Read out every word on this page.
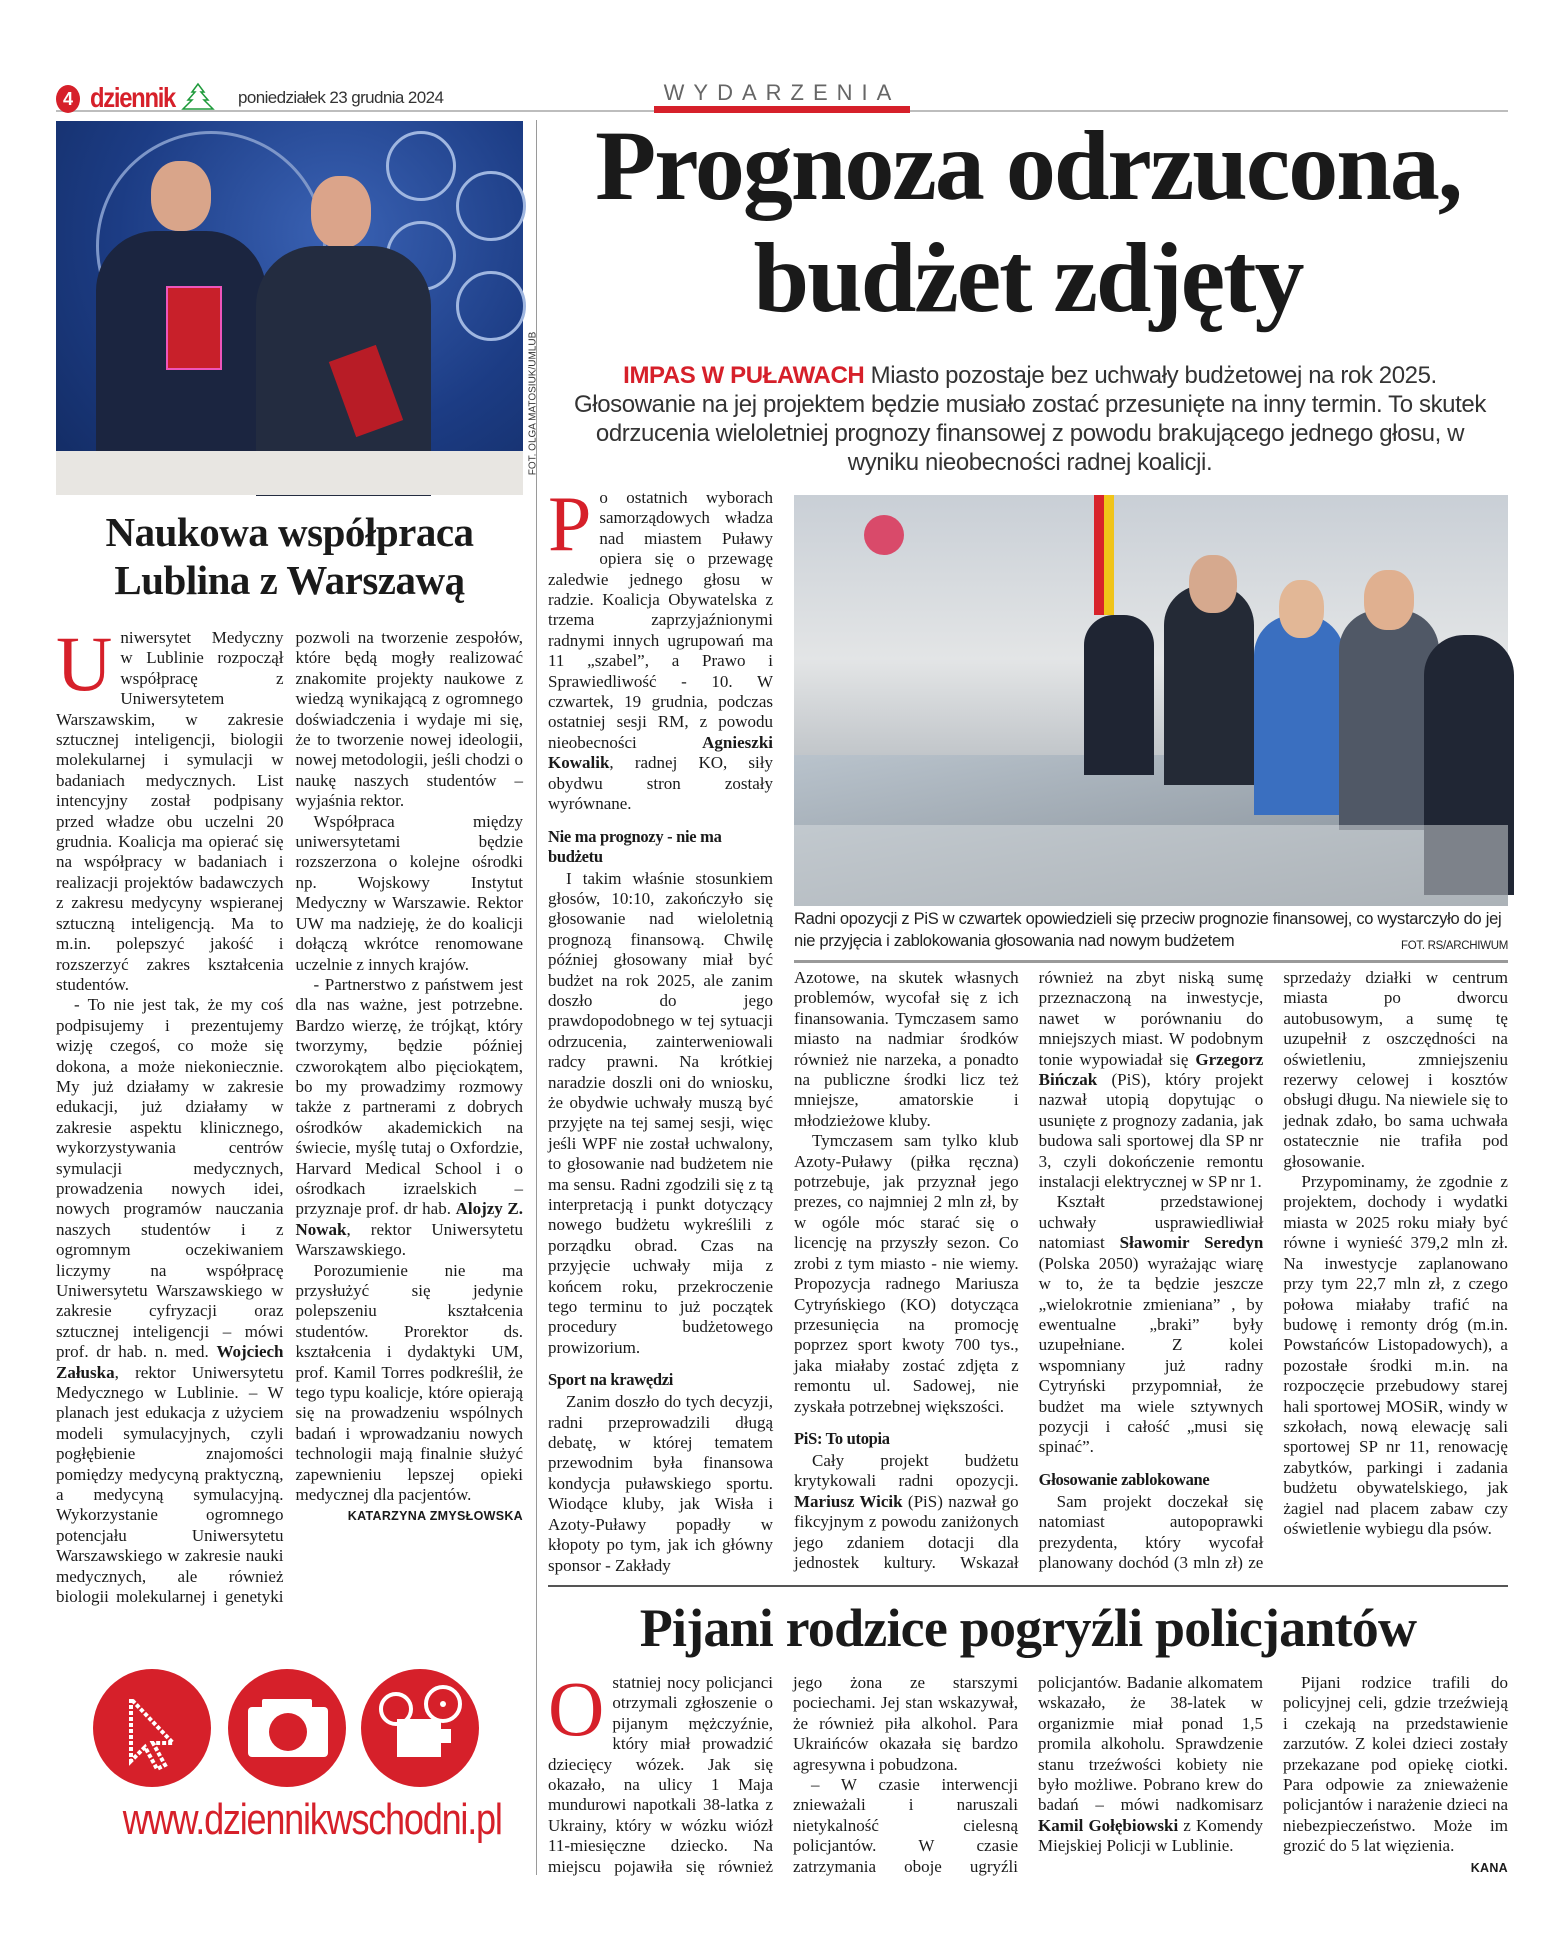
4 dziennik	poniedziałek 23 grudnia 2024	WYDARZENIA
FOT. OLGA MATOSIUK/UMLUB
Naukowa współpraca Lublina z Warszawą

Uniwersytet Medyczny w Lublinie rozpoczął współpracę z Uniwersytetem Warszawskim, w zakresie sztucznej inteligencji, biologii molekularnej i symulacji w badaniach medycznych. List intencyjny został podpisany przed władze obu uczelni 20 grudnia. Koalicja ma opierać się na współpracy w badaniach i realizacji projektów badawczych z zakresu medycyny wspieranej sztuczną inteligencją. Ma to m.in. polepszyć jakość i rozszerzyć zakres kształcenia studentów.

- To nie jest tak, że my coś podpisujemy i prezentujemy wizję czegoś, co może się dokona, a może niekoniecznie. My już działamy w zakresie edukacji, już działamy w zakresie aspektu klinicznego, wykorzystywania centrów symulacji medycznych, prowadzenia nowych idei, nowych programów nauczania naszych studentów i z ogromnym oczekiwaniem liczymy na współpracę Uniwersytetu Warszawskiego w zakresie cyfryzacji oraz sztucznej inteligencji – mówi prof. dr hab. n. med. Wojciech Załuska, rektor Uniwersytetu Medycznego w Lublinie. – W planach jest edukacja z użyciem modeli symulacyjnych, czyli pogłębienie znajomości pomiędzy medycyną praktyczną, a medycyną symulacyjną. Wykorzystanie ogromnego potencjału Uniwersytetu Warszawskiego w zakresie nauki medycznych, ale również biologii molekularnej i genetyki pozwoli na tworzenie zespołów, które będą mogły realizować znakomite projekty naukowe z wiedzą wynikającą z ogromnego doświadczenia i wydaje mi się, że to tworzenie nowej ideologii, nowej metodologii, jeśli chodzi o naukę naszych studentów – wyjaśnia rektor.

Współpraca między uniwersytetami będzie rozszerzona o kolejne ośrodki np. Wojskowy Instytut Medyczny w Warszawie. Rektor UW ma nadzieję, że do koalicji dołączą wkrótce renomowane uczelnie z innych krajów.

- Partnerstwo z państwem jest dla nas ważne, jest potrzebne. Bardzo wierzę, że trójkąt, który tworzymy, będzie później czworokątem albo pięciokątem, bo my prowadzimy rozmowy także z partnerami z dobrych ośrodków akademickich na świecie, myślę tutaj o Oxfordzie, Harvard Medical School i o ośrodkach izraelskich – przyznaje prof. dr hab. Alojzy Z. Nowak, rektor Uniwersytetu Warszawskiego.

Porozumienie nie ma przysłużyć się jedynie polepszeniu kształcenia studentów. Prorektor ds. kształcenia i dydaktyki UM, prof. Kamil Torres podkreślił, że tego typu koalicje, które opierają się na prowadzeniu wspólnych badań i wprowadzaniu nowych technologii mają finalnie służyć zapewnieniu lepszej opieki medycznej dla pacjentów.

KATARZYNA ZMYSŁOWSKA
Prognoza odrzucona,
budżet zdjęty
IMPAS W PUŁAWACH Miasto pozostaje bez uchwały budżetowej na rok 2025. Głosowanie na jej projektem będzie musiało zostać przesunięte na inny termin. To skutek odrzucenia wieloletniej prognozy finansowej z powodu brakującego jednego głosu, w wyniku nieobecności radnej koalicji.
Radni opozycji z PiS w czwartek opowiedzieli się przeciw prognozie finansowej, co wystarczyło do jej nie przyjęcia i zablokowania głosowania nad nowym budżetem	FOT. RS/ARCHIWUM

Po ostatnich wyborach samorządowych władza nad miastem Puławy opiera się o przewagę zaledwie jednego głosu w radzie. Koalicja Obywatelska z trzema zaprzyjaźnionymi radnymi innych ugrupowań ma 11 „szabel”, a Prawo i Sprawiedliwość - 10. W czwartek, 19 grudnia, podczas ostatniej sesji RM, z powodu nieobecności Agnieszki Kowalik, radnej KO, siły obydwu stron zostały wyrównane.

Nie ma prognozy - nie ma budżetu

I takim właśnie stosunkiem głosów, 10:10, zakończyło się głosowanie nad wieloletnią prognozą finansową. Chwilę później głosowany miał być budżet na rok 2025, ale zanim doszło do jego prawdopodobnego w tej sytuacji odrzucenia, zainterweniowali radcy prawni. Na krótkiej naradzie doszli oni do wniosku, że obydwie uchwały muszą być przyjęte na tej samej sesji, więc jeśli WPF nie został uchwalony, to głosowanie nad budżetem nie ma sensu. Radni zgodzili się z tą interpretacją i punkt dotyczący nowego budżetu wykreślili z porządku obrad. Czas na przyjęcie uchwały mija z końcem roku, przekroczenie tego terminu to już początek procedury budżetowego prowizorium.

Sport na krawędzi

Zanim doszło do tych decyzji, radni przeprowadzili długą debatę, w której tematem przewodnim była finansowa kondycja puławskiego sportu. Wiodące kluby, jak Wisła i Azoty-Puławy popadły w kłopoty po tym, jak ich główny sponsor - Zakłady

Azotowe, na skutek własnych problemów, wycofał się z ich finansowania. Tymczasem samo miasto na nadmiar środków również nie narzeka, a ponadto na publiczne środki licz też mniejsze, amatorskie i młodzieżowe kluby.

Tymczasem sam tylko klub Azoty-Puławy (piłka ręczna) potrzebuje, jak przyznał jego prezes, co najmniej 2 mln zł, by w ogóle móc starać się o licencję na przyszły sezon. Co zrobi z tym miasto - nie wiemy. Propozycja radnego Mariusza Cytryńskiego (KO) dotycząca przesunięcia na promocję poprzez sport kwoty 700 tys., jaka miałaby zostać zdjęta z remontu ul. Sadowej, nie zyskała potrzebnej większości.

PiS: To utopia

Cały projekt budżetu krytykowali radni opozycji. Mariusz Wicik (PiS) nazwał go fikcyjnym z powodu zaniżonych jego zdaniem dotacji dla jednostek kultury. Wskazał również na zbyt niską sumę przeznaczoną na inwestycje, nawet w porównaniu do mniejszych miast. W podobnym tonie wypowiadał się Grzegorz Bińczak (PiS), który projekt nazwał utopią dopytując o usunięte z prognozy zadania, jak budowa sali sportowej dla SP nr 3, czyli dokończenie remontu instalacji elektrycznej w SP nr 1.

Kształt przedstawionej uchwały usprawiedliwiał natomiast Sławomir Seredyn (Polska 2050) wyrażając wiarę w to, że ta będzie jeszcze „wielokrotnie zmieniana” , by ewentualne „braki” były uzupełniane. Z kolei wspomniany już radny Cytryński przypomniał, że budżet ma wiele sztywnych pozycji i całość „musi się spinać”.

Głosowanie zablokowane

Sam projekt doczekał się natomiast autopoprawki prezydenta, który wycofał planowany dochód (3 mln zł) ze sprzedaży działki w centrum miasta po dworcu autobusowym, a sumę tę uzupełnił z oszczędności na oświetleniu, zmniejszeniu rezerwy celowej i kosztów obsługi długu. Na niewiele się to jednak zdało, bo sama uchwała ostatecznie nie trafiła pod głosowanie.

Przypominamy, że zgodnie z projektem, dochody i wydatki miasta w 2025 roku miały być równe i wynieść 379,2 mln zł. Na inwestycje zaplanowano przy tym 22,7 mln zł, z czego połowa miałaby trafić na budowę i remonty dróg (m.in. Powstańców Listopadowych), a pozostałe środki m.in. na rozpoczęcie przebudowy starej hali sportowej MOSiR, windy w szkołach, nową elewację sali sportowej SP nr 11, renowację zabytków, parkingi i zadania budżetu obywatelskiego, jak żagiel nad placem zabaw czy oświetlenie wybiegu dla psów.

Pijani rodzice pogryźli policjantów

Ostatniej nocy policjanci otrzymali zgłoszenie o pijanym mężczyźnie, który miał prowadzić dziecięcy wózek. Jak się okazało, na ulicy 1 Maja mundurowi napotkali 38-latka z Ukrainy, który w wózku wiózł 11-miesięczne dziecko. Na miejscu pojawiła się również jego żona ze starszymi pociechami. Jej stan wskazywał, że również piła alkohol. Para Ukraińców okazała się bardzo agresywna i pobudzona.

– W czasie interwencji znieważali i naruszali nietykalność cielesną policjantów. W czasie zatrzymania oboje ugryźli policjantów. Badanie alkomatem wskazało, że 38-latek w organizmie miał ponad 1,5 promila alkoholu. Sprawdzenie stanu trzeźwości kobiety nie było możliwe. Pobrano krew do badań – mówi nadkomisarz Kamil Gołębiowski z Komendy Miejskiej Policji w Lublinie.

Pijani rodzice trafili do policyjnej celi, gdzie trzeźwieją i czekają na przedstawienie zarzutów. Z kolei dzieci zostały przekazane pod opiekę ciotki. Para odpowie za znieważenie policjantów i narażenie dzieci na niebezpieczeństwo. Może im grozić do 5 lat więzienia.

KANA
www.dziennikwschodni.pl
